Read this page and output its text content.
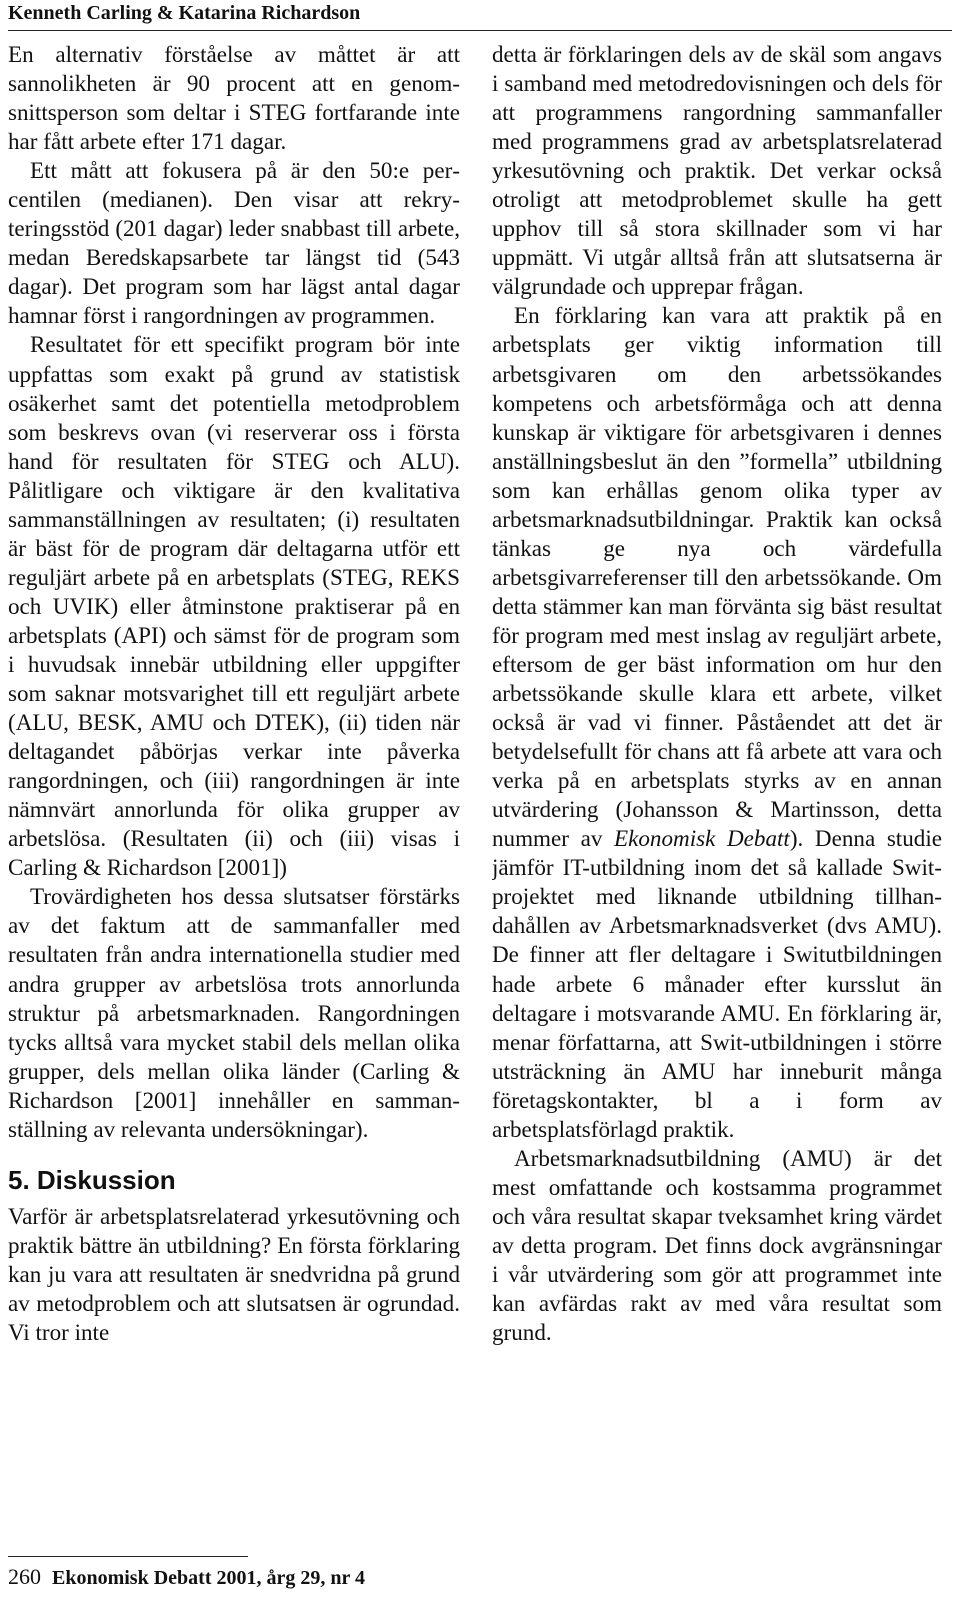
Kenneth Carling & Katarina Richardson

En alternativ förståelse av måttet är att sannolikheten är 90 procent att en genomsnittsperson som deltar i STEG fortfarande inte har fått arbete efter 171 dagar.

Ett mått att fokusera på är den 50:e percentilen (medianen). Den visar att rekryteringsstöd (201 dagar) leder snabbast till arbete, medan Beredskapsarbete tar längst tid (543 dagar). Det program som har lägst antal dagar hamnar först i rangordningen av programmen.

Resultatet för ett specifikt program bör inte uppfattas som exakt på grund av statistisk osäkerhet samt det potentiella metodproblem som beskrevs ovan (vi reserverar oss i första hand för resultaten för STEG och ALU). Pålitligare och viktigare är den kvalitativa sammanställningen av resultaten; (i) resultaten är bäst för de program där deltagarna utför ett reguljärt arbete på en arbetsplats (STEG, REKS och UVIK) eller åtminstone praktiserar på en arbetsplats (API) och sämst för de program som i huvudsak innebär utbildning eller uppgifter som saknar motsvarighet till ett reguljärt arbete (ALU, BESK, AMU och DTEK), (ii) tiden när deltagandet påbörjas verkar inte påverka rangordningen, och (iii) rangordningen är inte nämnvärt annorlunda för olika grupper av arbetslösa. (Resultaten (ii) och (iii) visas i Carling & Richardson [2001])

Trovärdigheten hos dessa slutsatser förstärks av det faktum att de sammanfaller med resultaten från andra internationella studier med andra grupper av arbetslösa trots annorlunda struktur på arbetsmarknaden. Rangordningen tycks alltså vara mycket stabil dels mellan olika grupper, dels mellan olika länder (Carling & Richardson [2001] innehåller en sammanställning av relevanta undersökningar).

5. Diskussion

Varför är arbetsplatsrelaterad yrkesutövning och praktik bättre än utbildning? En första förklaring kan ju vara att resultaten är snedvridna på grund av metodproblem och att slutsatsen är ogrundad. Vi tror inte

detta är förklaringen dels av de skäl som angavs i samband med metodredovisningen och dels för att programmens rangordning sammanfaller med programmens grad av arbetsplatsrelaterad yrkesutövning och praktik. Det verkar också otroligt att metodproblemet skulle ha gett upphov till så stora skillnader som vi har uppmätt. Vi utgår alltså från att slutsatserna är välgrundade och upprepar frågan.

En förklaring kan vara att praktik på en arbetsplats ger viktig information till arbetsgivaren om den arbetssökandes kompetens och arbetsförmåga och att denna kunskap är viktigare för arbetsgivaren i dennes anställningsbeslut än den ”formella” utbildning som kan erhållas genom olika typer av arbetsmarknadsutbildningar. Praktik kan också tänkas ge nya och värdefulla arbetsgivarreferenser till den arbetssökande. Om detta stämmer kan man förvänta sig bäst resultat för program med mest inslag av reguljärt arbete, eftersom de ger bäst information om hur den arbetssökande skulle klara ett arbete, vilket också är vad vi finner. Påståendet att det är betydelsefullt för chans att få arbete att vara och verka på en arbetsplats styrks av en annan utvärdering (Johansson & Martinsson, detta nummer av Ekonomisk Debatt). Denna studie jämför IT-utbildning inom det så kallade Switprojektet med liknande utbildning tillhandahållen av Arbetsmarknadsverket (dvs AMU). De finner att fler deltagare i Switutbildningen hade arbete 6 månader efter kursslut än deltagare i motsvarande AMU. En förklaring är, menar författarna, att Swit-utbildningen i större utsträckning än AMU har inneburit många företagskontakter, bl a i form av arbetsplatsförlagd praktik.

Arbetsmarknadsutbildning (AMU) är det mest omfattande och kostsamma programmet och våra resultat skapar tveksamhet kring värdet av detta program. Det finns dock avgränsningar i vår utvärdering som gör att programmet inte kan avfärdas rakt av med våra resultat som grund.

260 Ekonomisk Debatt 2001, årg 29, nr 4
